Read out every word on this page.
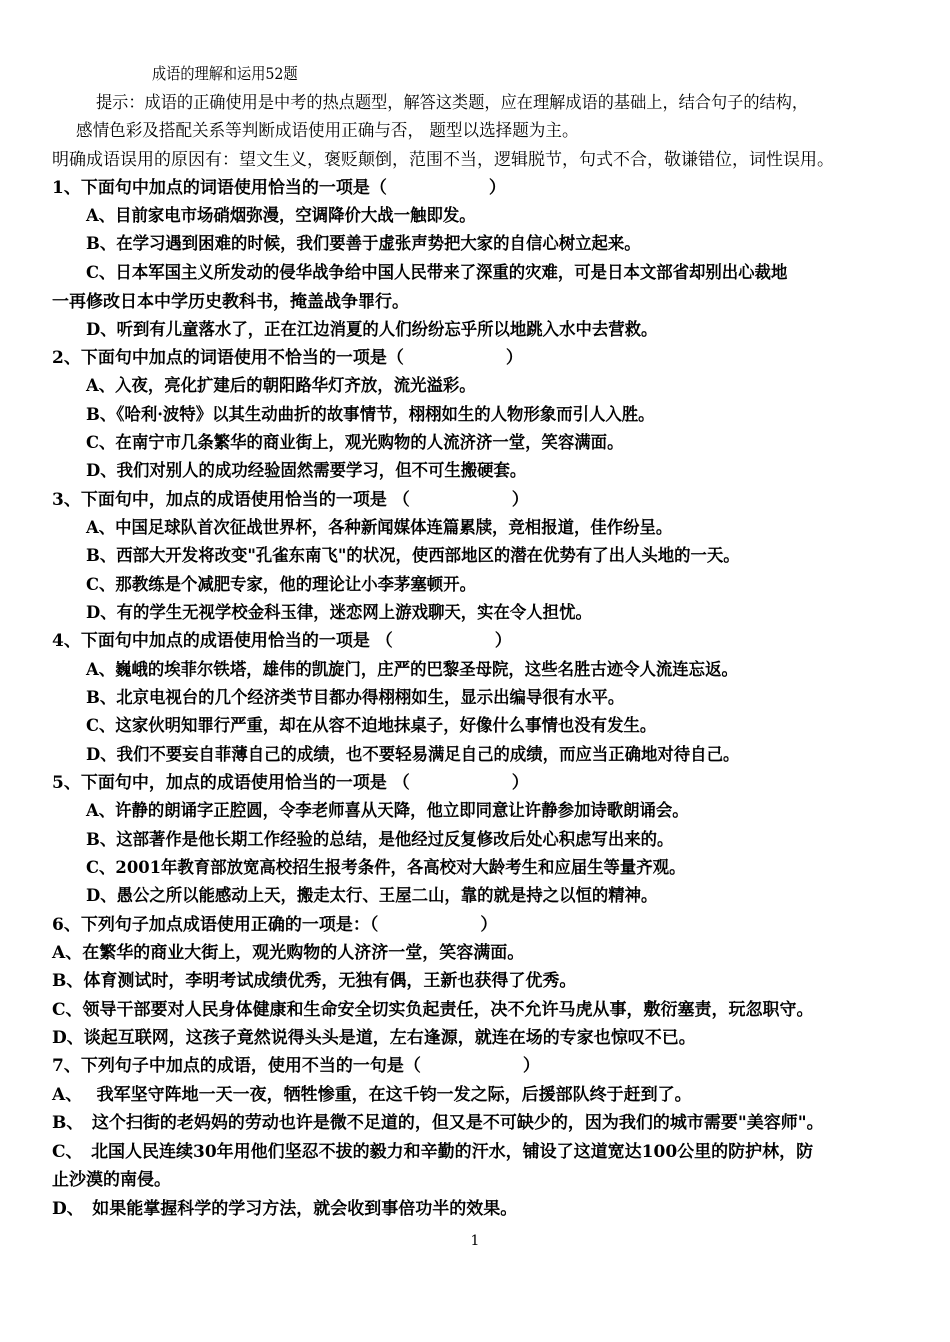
成语的理解和运用52题
提示：成语的正确使用是中考的热点题型，解答这类题，应在理解成语的基础上，结合句子的结构，
感情色彩及搭配关系等判断成语使用正确与否， 题型以选择题为主。
明确成语误用的原因有：望文生义，褒贬颠倒，范围不当，逻辑脱节，句式不合，敬谦错位，词性误用。
1、下面句中加点的词语使用恰当的一项是（　　　　　　）
A、目前家电市场硝烟弥漫，空调降价大战一触即发。
B、在学习遇到困难的时候，我们要善于虚张声势把大家的自信心树立起来。
C、日本军国主义所发动的侵华战争给中国人民带来了深重的灾难，可是日本文部省却别出心裁地
一再修改日本中学历史教科书，掩盖战争罪行。
D、听到有儿童落水了，正在江边消夏的人们纷纷忘乎所以地跳入水中去营救。
2、下面句中加点的词语使用不恰当的一项是（　　　　　　）
A、入夜，亮化扩建后的朝阳路华灯齐放，流光溢彩。
B、《哈利·波特》以其生动曲折的故事情节，栩栩如生的人物形象而引人入胜。
C、在南宁市几条繁华的商业街上，观光购物的人流济济一堂，笑容满面。
D、我们对别人的成功经验固然需要学习，但不可生搬硬套。
3、下面句中，加点的成语使用恰当的一项是 （　　　　　　）
A、中国足球队首次征战世界杯，各种新闻媒体连篇累牍，竞相报道，佳作纷呈。
B、西部大开发将改变"孔雀东南飞"的状况，使西部地区的潜在优势有了出人头地的一天。
C、那教练是个减肥专家，他的理论让小李茅塞顿开。
D、有的学生无视学校金科玉律，迷恋网上游戏聊天，实在令人担忧。
4、下面句中加点的成语使用恰当的一项是 （　　　　　　）
A、巍峨的埃菲尔铁塔，雄伟的凯旋门，庄严的巴黎圣母院，这些名胜古迹令人流连忘返。
B、北京电视台的几个经济类节目都办得栩栩如生，显示出编导很有水平。
C、这家伙明知罪行严重，却在从容不迫地抹桌子，好像什么事情也没有发生。
D、我们不要妄自菲薄自己的成绩，也不要轻易满足自己的成绩，而应当正确地对待自己。
5、下面句中，加点的成语使用恰当的一项是 （　　　　　　）
A、许静的朗诵字正腔圆，令李老师喜从天降，他立即同意让许静参加诗歌朗诵会。
B、这部著作是他长期工作经验的总结，是他经过反复修改后处心积虑写出来的。
C、2001年教育部放宽高校招生报考条件，各高校对大龄考生和应届生等量齐观。
D、愚公之所以能感动上天，搬走太行、王屋二山，靠的就是持之以恒的精神。
6、下列句子加点成语使用正确的一项是：（　　　　　　）
A、在繁华的商业大街上，观光购物的人济济一堂，笑容满面。
B、体育测试时，李明考试成绩优秀，无独有偶，王新也获得了优秀。
C、领导干部要对人民身体健康和生命安全切实负起责任，决不允许马虎从事，敷衍塞责，玩忽职守。
D、谈起互联网，这孩子竟然说得头头是道，左右逢源，就连在场的专家也惊叹不已。
7、下列句子中加点的成语，使用不当的一句是（　　　　　　）
A、　 我军坚守阵地一天一夜，牺牲惨重，在这千钧一发之际，后援部队终于赶到了。
B、　这个扫街的老妈妈的劳动也许是微不足道的，但又是不可缺少的，因为我们的城市需要"美容师"。
C、　北国人民连续30年用他们坚忍不拔的毅力和辛勤的汗水，铺设了这道宽达100公里的防护林，防
止沙漠的南侵。
D、　如果能掌握科学的学习方法，就会收到事倍功半的效果。
1
